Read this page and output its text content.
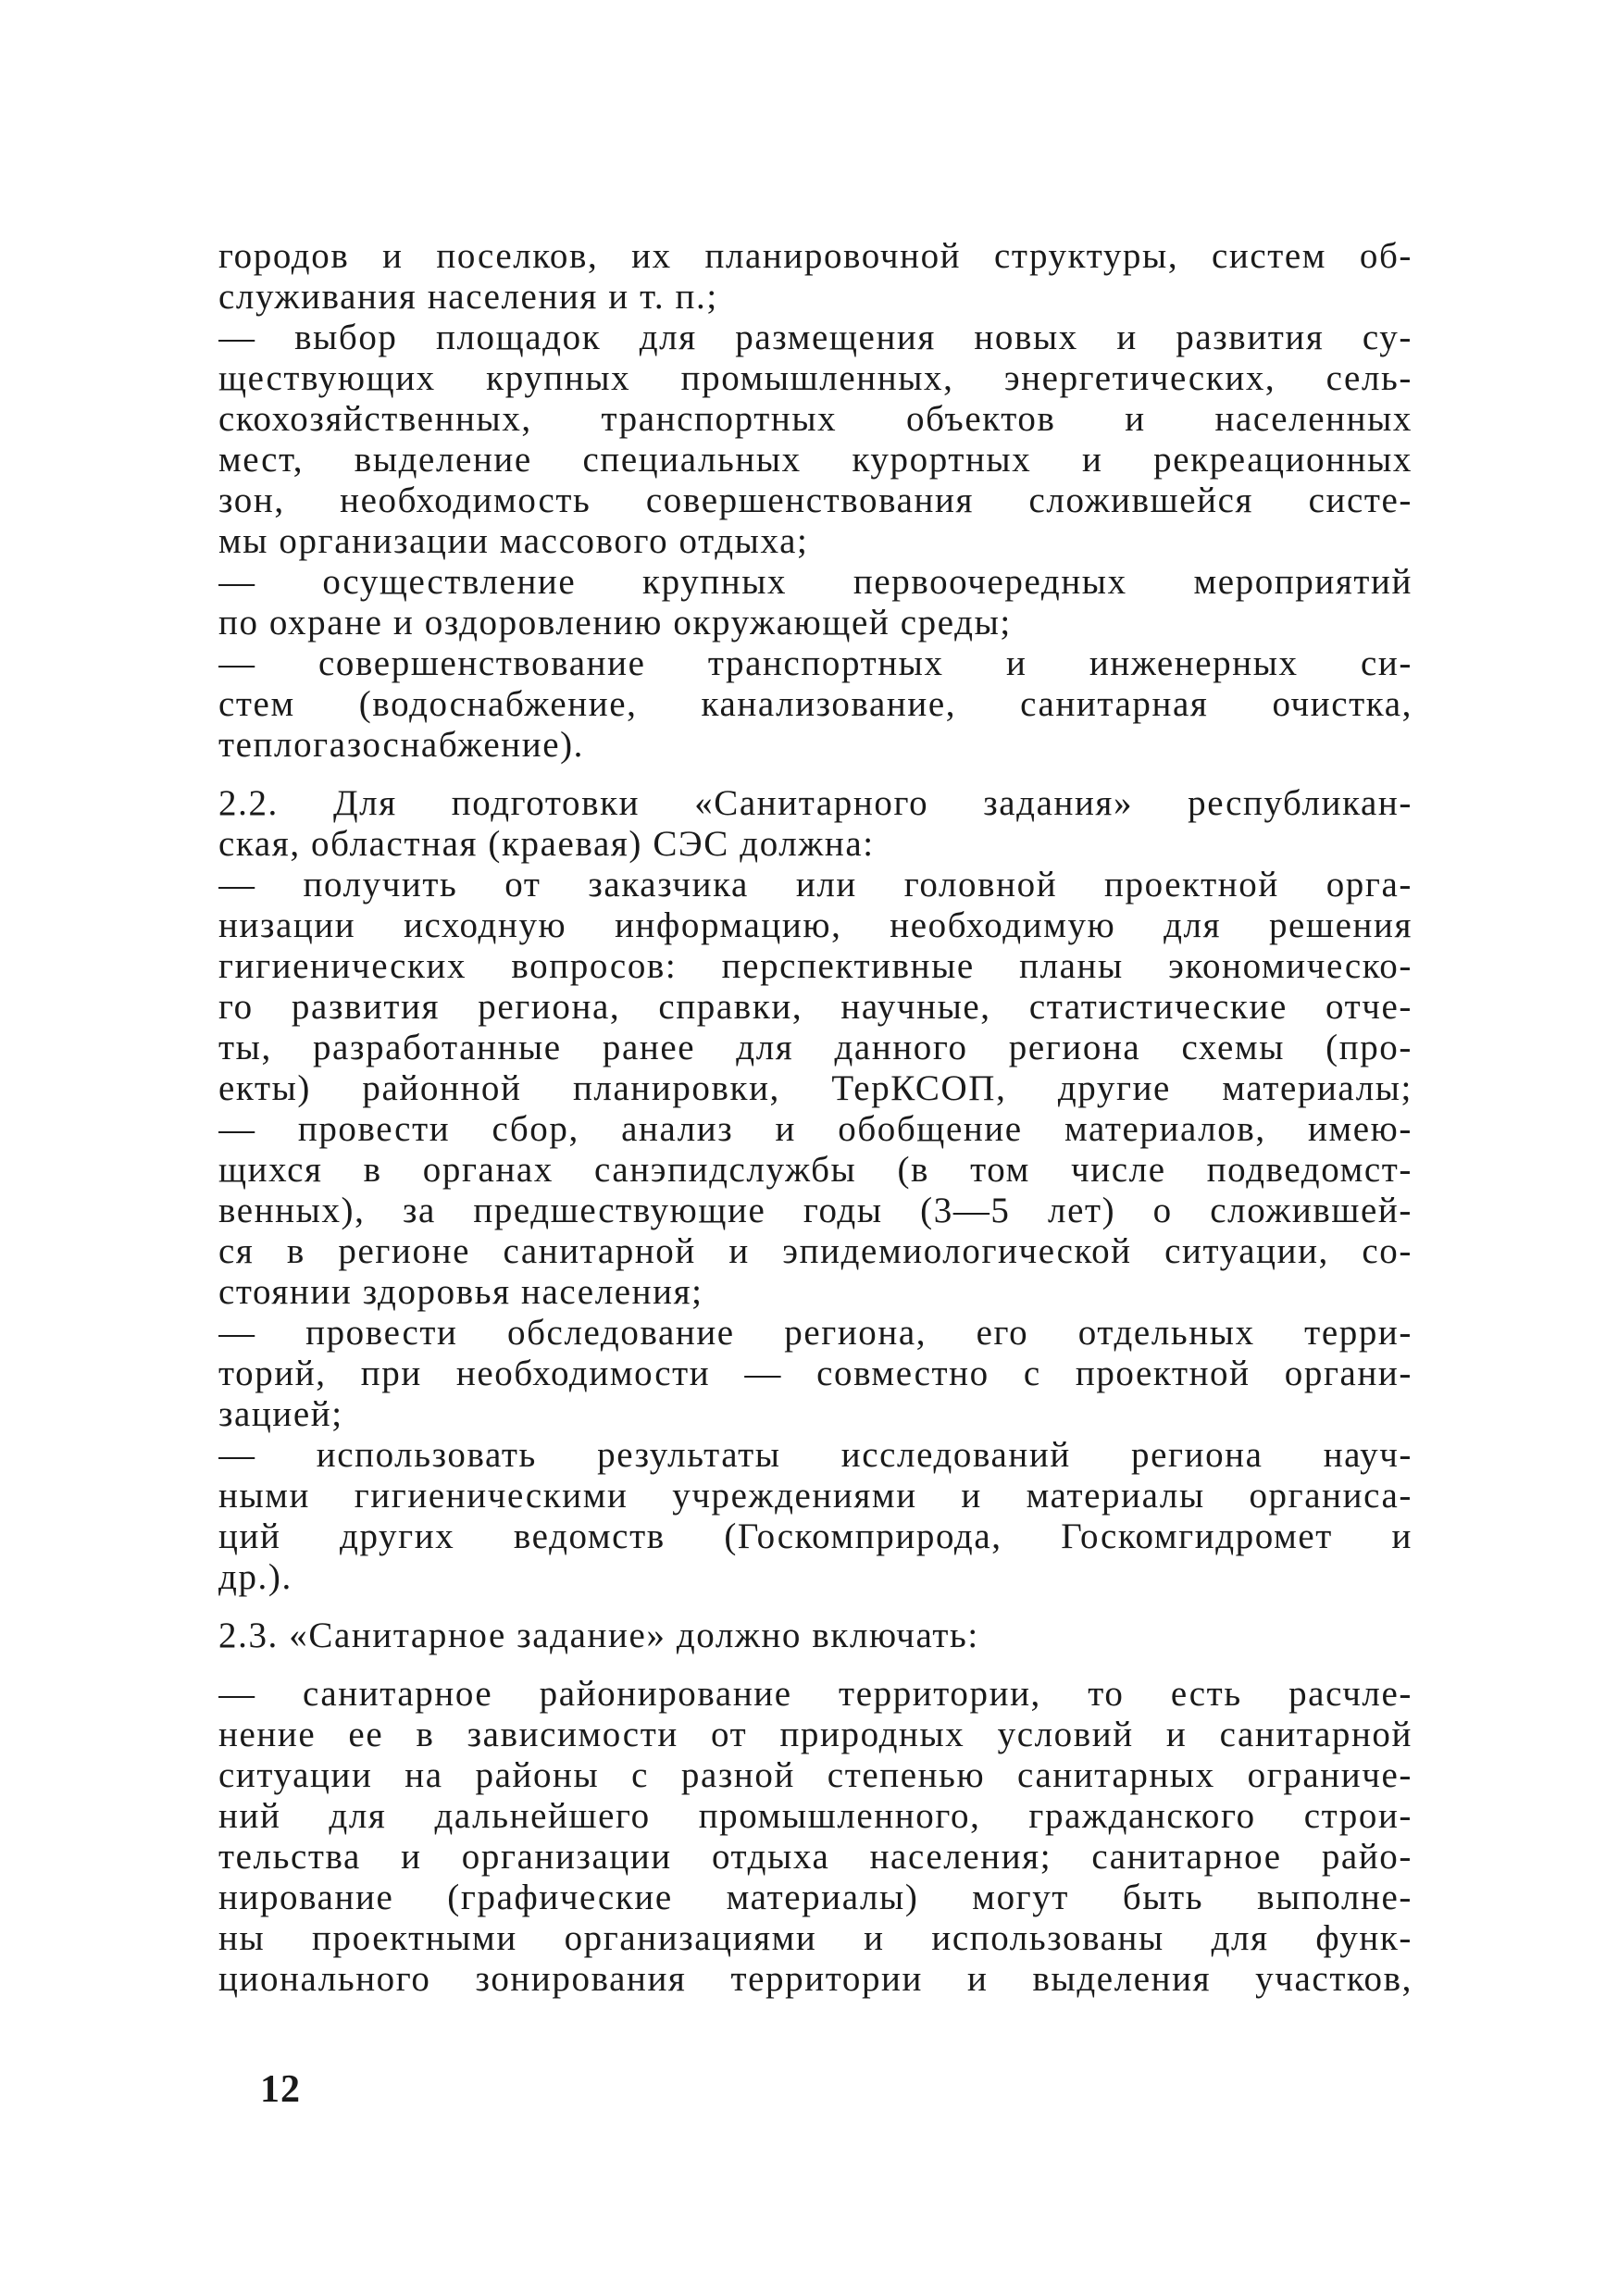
городов и поселков, их планировочной структуры, систем об-
служивания населения и т. п.;
— выбор площадок для размещения новых и развития су-
ществующих крупных промышленных, энергетических, сель-
скохозяйственных, транспортных объектов и населенных
мест, выделение специальных курортных и рекреационных
зон, необходимость совершенствования сложившейся систе-
мы организации массового отдыха;
— осуществление крупных первоочередных мероприятий
по охране и оздоровлению окружающей среды;
— совершенствование транспортных и инженерных си-
стем (водоснабжение, канализование, санитарная очистка,
теплогазоснабжение).
2.2. Для подготовки «Санитарного задания» республикан-
ская, областная (краевая) СЭС должна:
— получить от заказчика или головной проектной орга-
низации исходную информацию, необходимую для решения
гигиенических вопросов: перспективные планы экономическо-
го развития региона, справки, научные, статистические отче-
ты, разработанные ранее для данного региона схемы (про-
екты) районной планировки, ТерКСОП, другие материалы;
— провести сбор, анализ и обобщение материалов, имею-
щихся в органах санэпидслужбы (в том числе подведомст-
венных), за предшествующие годы (3—5 лет) о сложившей-
ся в регионе санитарной и эпидемиологической ситуации, со-
стоянии здоровья населения;
— провести обследование региона, его отдельных терри-
торий, при необходимости — совместно с проектной органи-
зацией;
— использовать результаты исследований региона науч-
ными гигиеническими учреждениями и материалы органиса-
ций других ведомств (Госкомприрода, Госкомгидромет и
др.).
2.3. «Санитарное задание» должно включать:
— санитарное районирование территории, то есть расчле-
нение ее в зависимости от природных условий и санитарной
ситуации на районы с разной степенью санитарных ограниче-
ний для дальнейшего промышленного, гражданского строи-
тельства и организации отдыха населения; санитарное райо-
нирование (графические материалы) могут быть выполне-
ны проектными организациями и использованы для функ-
ционального зонирования территории и выделения участков,
12
